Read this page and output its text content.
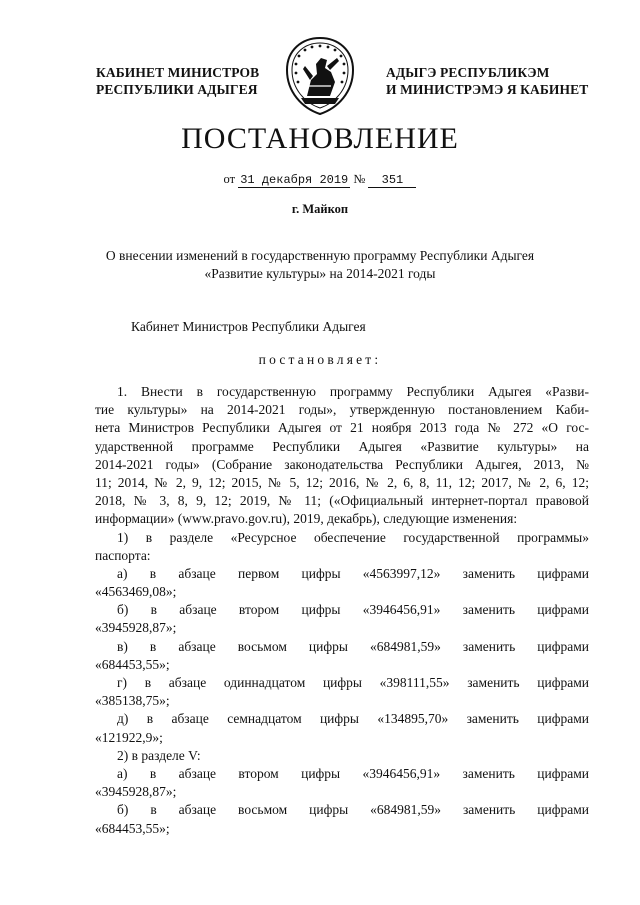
КАБИНЕТ МИНИСТРОВ
РЕСПУБЛИКИ АДЫГЕЯ
АДЫГЭ РЕСПУБЛИКЭМ
И МИНИСТРЭМЭ Я КАБИНЕТ
ПОСТАНОВЛЕНИЕ
от 31 декабря 2019 № 351
г. Майкоп
О внесении изменений в государственную программу Республики Адыгея
«Развитие культуры» на 2014-2021 годы
Кабинет Министров Республики Адыгея
постановляет:
1. Внести в государственную программу Республики Адыгея «Разви-
тие культуры» на 2014-2021 годы», утвержденную постановлением Каби-
нета Министров Республики Адыгея от 21 ноября 2013 года № 272 «О гос-
ударственной программе Республики Адыгея «Развитие культуры» на
2014-2021 годы» (Собрание законодательства Республики Адыгея, 2013, №
11; 2014, № 2, 9, 12; 2015, № 5, 12; 2016, № 2, 6, 8, 11, 12; 2017, № 2, 6, 12;
2018, № 3, 8, 9, 12; 2019, № 11; («Официальный интернет-портал правовой
информации» (www.pravo.gov.ru), 2019, декабрь), следующие изменения:
1) в разделе «Ресурсное обеспечение государственной программы»
паспорта:
а) в абзаце первом цифры «4563997,12» заменить цифрами
«4563469,08»;
б) в абзаце втором цифры «3946456,91» заменить цифрами
«3945928,87»;
в) в абзаце восьмом цифры «684981,59» заменить цифрами
«684453,55»;
г) в абзаце одиннадцатом цифры «398111,55» заменить цифрами
«385138,75»;
д) в абзаце семнадцатом цифры «134895,70» заменить цифрами
«121922,9»;
2) в разделе V:
а) в абзаце втором цифры «3946456,91» заменить цифрами
«3945928,87»;
б) в абзаце восьмом цифры «684981,59» заменить цифрами
«684453,55»;
